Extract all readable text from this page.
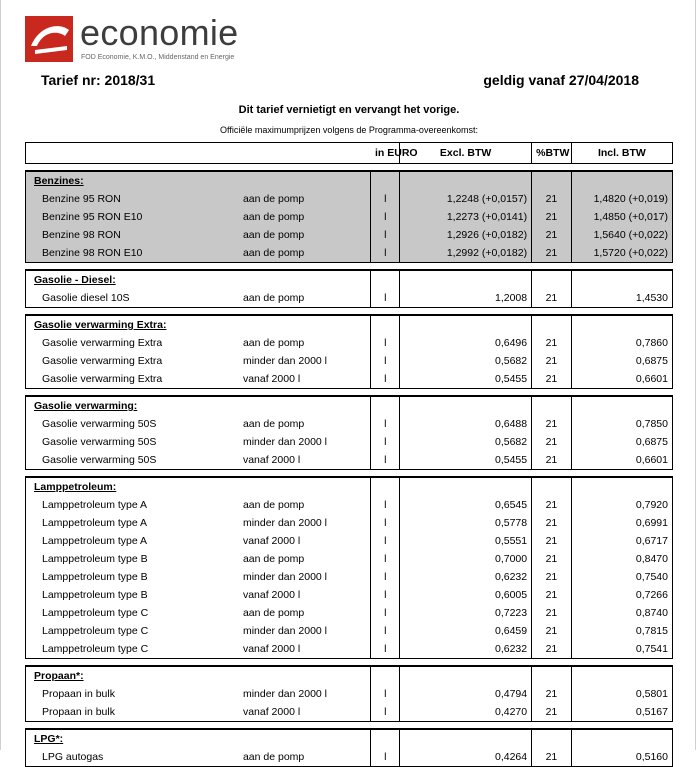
economie
FOD Economie, K.M.O., Middenstand en Energie
Tarief nr: 2018/31	geldig vanaf 27/04/2018
Dit tarief vernietigt en vervangt het vorige.
Officiële maximumprijzen volgens de Programma-overeenkomst:
		in EURO	Excl. BTW	%BTW	Incl. BTW

Benzines:					
Benzine 95 RON	aan de pomp	l	1,2248 (+0,0157)	21	1,4820 (+0,019)
Benzine 95 RON E10	aan de pomp	l	1,2273 (+0,0141)	21	1,4850 (+0,017)
Benzine 98 RON	aan de pomp	l	1,2926 (+0,0182)	21	1,5640 (+0,022)
Benzine 98 RON E10	aan de pomp	l	1,2992 (+0,0182)	21	1,5720 (+0,022)

Gasolie - Diesel:					
Gasolie diesel 10S	aan de pomp	l	1,2008	21	1,4530

Gasolie verwarming Extra:					
Gasolie verwarming Extra	aan de pomp	l	0,6496	21	0,7860
Gasolie verwarming Extra	minder dan 2000 l	l	0,5682	21	0,6875
Gasolie verwarming Extra	vanaf 2000 l	l	0,5455	21	0,6601

Gasolie verwarming:					
Gasolie verwarming 50S	aan de pomp	l	0,6488	21	0,7850
Gasolie verwarming 50S	minder dan 2000 l	l	0,5682	21	0,6875
Gasolie verwarming 50S	vanaf 2000 l	l	0,5455	21	0,6601

Lamppetroleum:					
Lamppetroleum type A	aan de pomp	l	0,6545	21	0,7920
Lamppetroleum type A	minder dan 2000 l	l	0,5778	21	0,6991
Lamppetroleum type A	vanaf 2000 l	l	0,5551	21	0,6717
Lamppetroleum type B	aan de pomp	l	0,7000	21	0,8470
Lamppetroleum type B	minder dan 2000 l	l	0,6232	21	0,7540
Lamppetroleum type B	vanaf 2000 l	l	0,6005	21	0,7266
Lamppetroleum type C	aan de pomp	l	0,7223	21	0,8740
Lamppetroleum type C	minder dan 2000 l	l	0,6459	21	0,7815
Lamppetroleum type C	vanaf 2000 l	l	0,6232	21	0,7541

Propaan*:					
Propaan in bulk	minder dan 2000 l	l	0,4794	21	0,5801
Propaan in bulk	vanaf 2000 l	l	0,4270	21	0,5167

LPG*:					
LPG autogas	aan de pomp	l	0,4264	21	0,5160
